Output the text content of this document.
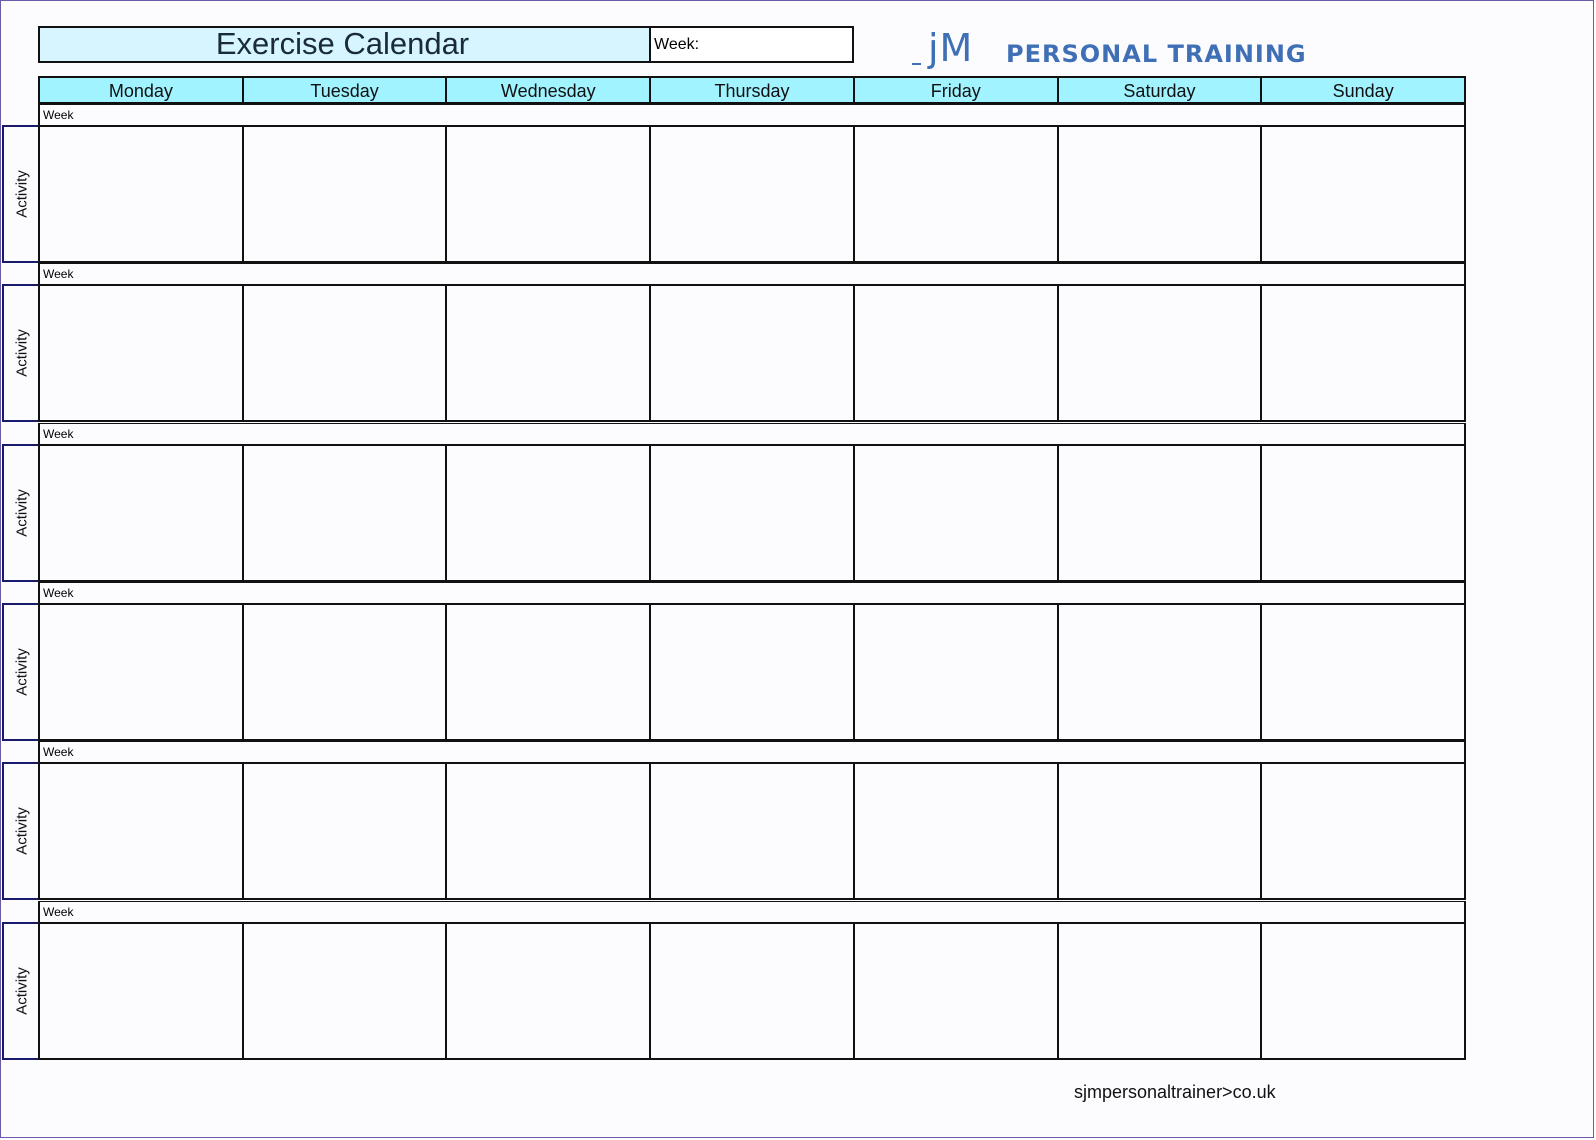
Exercise Calendar	Week:	jM PERSONAL TRAINING
Monday	Tuesday	Wednesday	Thursday	Friday	Saturday	Sunday
Week
Activity
Week
Activity
Week
Activity
Week
Activity
Week
Activity
Week
Activity
sjmpersonaltrainer>co.uk
